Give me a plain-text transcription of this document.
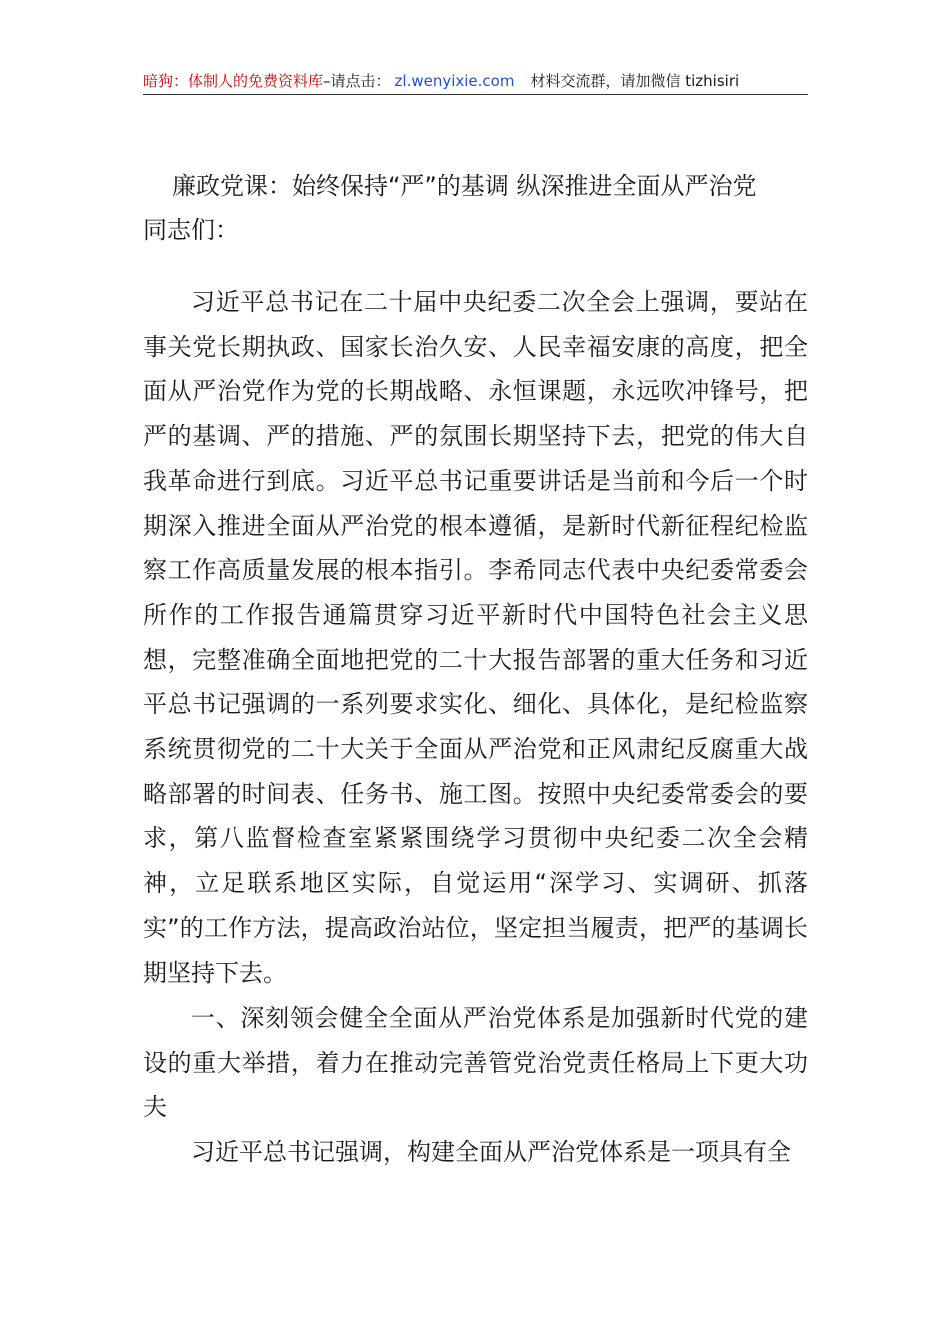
暗狗：体制人的免费资料库–请点击： zl.wenyixie.com 材料交流群，请加微信 tizhisiri
廉政党课：始终保持“严”的基调 纵深推进全面从严治党

同志们：

习近平总书记在二十届中央纪委二次全会上强调，要站在事关党长期执政、国家长治久安、人民幸福安康的高度，把全面从严治党作为党的长期战略、永恒课题，永远吹冲锋号，把严的基调、严的措施、严的氛围长期坚持下去，把党的伟大自我革命进行到底。习近平总书记重要讲话是当前和今后一个时期深入推进全面从严治党的根本遵循，是新时代新征程纪检监察工作高质量发展的根本指引。李希同志代表中央纪委常委会所作的工作报告通篇贯穿习近平新时代中国特色社会主义思想，完整准确全面地把党的二十大报告部署的重大任务和习近平总书记强调的一系列要求实化、细化、具体化，是纪检监察系统贯彻党的二十大关于全面从严治党和正风肃纪反腐重大战略部署的时间表、任务书、施工图。按照中央纪委常委会的要求，第八监督检查室紧紧围绕学习贯彻中央纪委二次全会精神，立足联系地区实际，自觉运用“深学习、实调研、抓落实”的工作方法，提高政治站位，坚定担当履责，把严的基调长期坚持下去。

一、深刻领会健全全面从严治党体系是加强新时代党的建设的重大举措，着力在推动完善管党治党责任格局上下更大功夫

习近平总书记强调，构建全面从严治党体系是一项具有全
